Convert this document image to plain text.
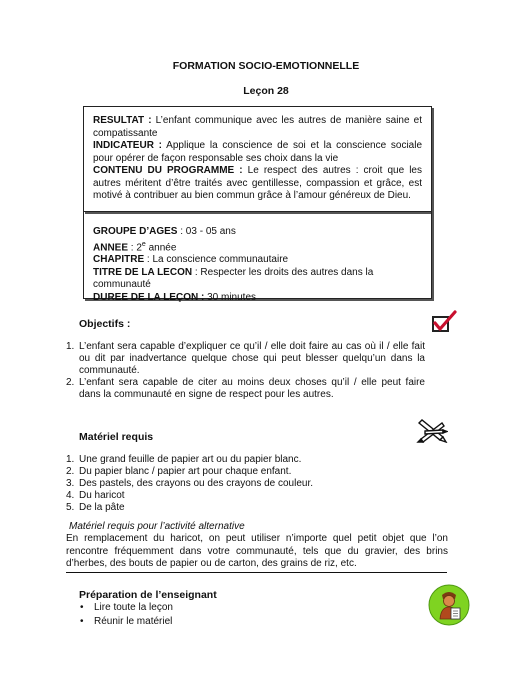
FORMATION SOCIO-EMOTIONNELLE
Leçon 28

RESULTAT : L’enfant communique avec les autres de manière saine et compatissante

INDICATEUR : Applique la conscience de soi et la conscience sociale pour opérer de façon responsable ses choix dans la vie

CONTENU DU PROGRAMME : Le respect des autres : croit que les autres méritent d’être traités avec gentillesse, compassion et grâce, est motivé à contribuer au bien commun grâce à l’amour généreux de Dieu.

GROUPE D’AGES : 03 - 05 ans

ANNEE : 2e année

CHAPITRE : La conscience communautaire

TITRE DE LA LECON : Respecter les droits des autres dans la communauté

DUREE DE LA LEÇON : 30 minutes

Objectifs :
1. L’enfant sera capable d’expliquer ce qu’il / elle doit faire au cas où il / elle fait ou dit par inadvertance quelque chose qui peut blesser quelqu’un dans la communauté.
2. L’enfant sera capable de citer au moins deux choses qu’il / elle peut faire dans la communauté en signe de respect pour les autres.
Matériel requis
1. Une grand feuille de papier art ou du papier blanc.
2. Du papier blanc / papier art pour chaque enfant.
3. Des pastels, des crayons ou des crayons de couleur.
4. Du haricot
5. De la pâte
Matériel requis pour l’activité alternative
En remplacement du haricot, on peut utiliser n’importe quel petit objet que l’on rencontre fréquemment dans votre communauté, tels que du gravier, des brins d’herbes, des bouts de papier ou de carton, des grains de riz, etc.
Préparation de l’enseignant
• Lire toute la leçon
• Réunir le matériel
